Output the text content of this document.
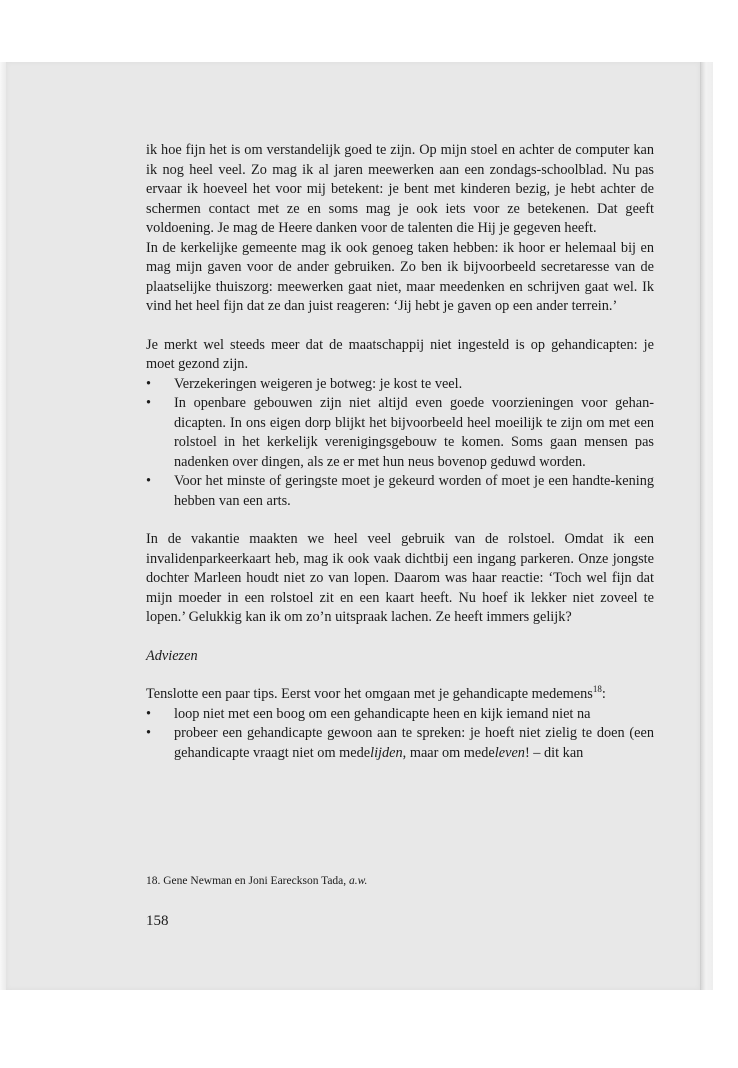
ik hoe fijn het is om verstandelijk goed te zijn. Op mijn stoel en achter de computer kan ik nog heel veel. Zo mag ik al jaren meewerken aan een zondags-schoolblad. Nu pas ervaar ik hoeveel het voor mij betekent: je bent met kinderen bezig, je hebt achter de schermen contact met ze en soms mag je ook iets voor ze betekenen. Dat geeft voldoening. Je mag de Heere danken voor de talenten die Hij je gegeven heeft.

In de kerkelijke gemeente mag ik ook genoeg taken hebben: ik hoor er helemaal bij en mag mijn gaven voor de ander gebruiken. Zo ben ik bijvoorbeeld secretaresse van de plaatselijke thuiszorg: meewerken gaat niet, maar meedenken en schrijven gaat wel. Ik vind het heel fijn dat ze dan juist reageren: ‘Jij hebt je gaven op een ander terrein.’

Je merkt wel steeds meer dat de maatschappij niet ingesteld is op gehandicapten: je moet gezond zijn.

•	Verzekeringen weigeren je botweg: je kost te veel.
•	In openbare gebouwen zijn niet altijd even goede voorzieningen voor gehan-dicapten. In ons eigen dorp blijkt het bijvoorbeeld heel moeilijk te zijn om met een rolstoel in het kerkelijk verenigingsgebouw te komen. Soms gaan mensen pas nadenken over dingen, als ze er met hun neus bovenop geduwd worden.
•	Voor het minste of geringste moet je gekeurd worden of moet je een handte-kening hebben van een arts.

In de vakantie maakten we heel veel gebruik van de rolstoel. Omdat ik een invalidenparkeerkaart heb, mag ik ook vaak dichtbij een ingang parkeren. Onze jongste dochter Marleen houdt niet zo van lopen. Daarom was haar reactie: ‘Toch wel fijn dat mijn moeder in een rolstoel zit en een kaart heeft. Nu hoef ik lekker niet zoveel te lopen.’ Gelukkig kan ik om zo’n uitspraak lachen. Ze heeft immers gelijk?

Adviezen

Tenslotte een paar tips. Eerst voor het omgaan met je gehandicapte medemens$^{18}$:

•	loop niet met een boog om een gehandicapte heen en kijk iemand niet na
•	probeer een gehandicapte gewoon aan te spreken: je hoeft niet zielig te doen (een gehandicapte vraagt niet om medelijden, maar om medeleven! – dit kan
18. Gene Newman en Joni Eareckson Tada, a.w.
158
